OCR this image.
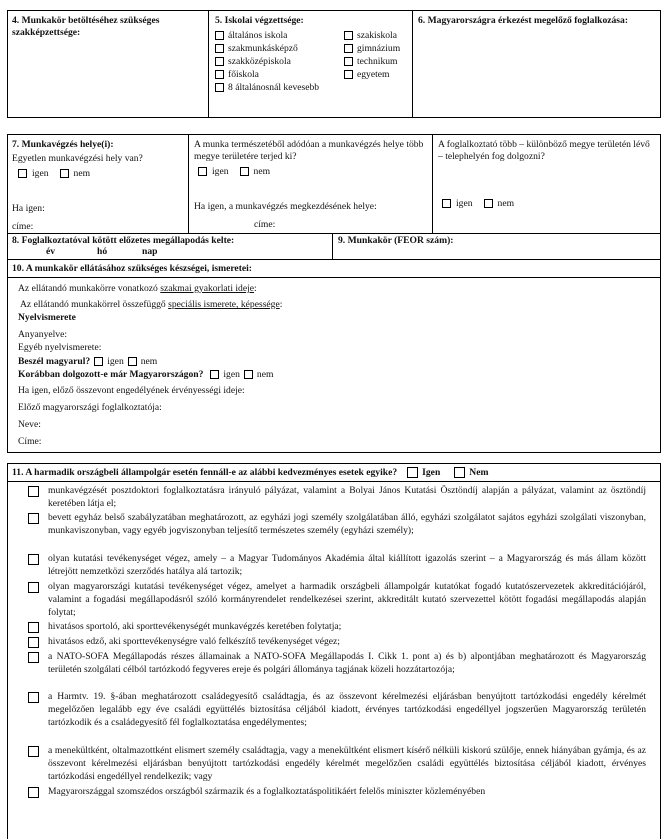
4. Munkakör betöltéséhez szükséges szakképzettsége:
5. Iskolai végzettsége:
általános iskola
szakmunkásképző
szakközépiskola
főiskola
8 általánosnál kevesebb
szakiskola
gimnázium
technikum
egyetem
6. Magyarországra érkezést megelőző foglalkozása:
7. Munkavégzés helye(i):
Egyetlen munkavégzési hely van?
igen	nem
Ha igen:
címe:
A munka természetéből adódóan a munkavégzés helye több megye területére terjed ki?
igen	nem
Ha igen, a munkavégzés megkezdésének helye:
címe:
A foglalkoztató több – különböző megye területén lévő – telephelyén fog dolgozni?
igen	nem
8. Foglalkoztatóval kötött előzetes megállapodás kelte:
év	hó	nap
9. Munkakör (FEOR szám):
10. A munkakör ellátásához szükséges készségei, ismeretei:
Az ellátandó munkakörre vonatkozó szakmai gyakorlati ideje:
Az ellátandó munkakörrel összefüggő speciális ismerete, képessége:
Nyelvismerete
Anyanyelve:
Egyéb nyelvismerete:
Beszél magyarul? igen nem
Korábban dolgozott-e már Magyarországon? igen nem
Ha igen, előző összevont engedélyének érvényességi ideje:
Előző magyarországi foglalkoztatója:
Neve:
Címe:
11. A harmadik országbeli állampolgár esetén fennáll-e az alábbi kedvezményes esetek egyike?	Igen	Nem
munkavégzését posztdoktori foglalkoztatásra irányuló pályázat, valamint a Bolyai János Kutatási Ösztöndíj alapján a pályázat, valamint az ösztöndíj keretében látja el;
bevett egyház belső szabályzatában meghatározott, az egyházi jogi személy szolgálatában álló, egyházi szolgálatot sajátos egyházi szolgálati viszonyban, munkaviszonyban, vagy egyéb jogviszonyban teljesítő természetes személy (egyházi személy);
olyan kutatási tevékenységet végez, amely – a Magyar Tudományos Akadémia által kiállított igazolás szerint – a Magyarország és más állam között létrejött nemzetközi szerződés hatálya alá tartozik;
olyan magyarországi kutatási tevékenységet végez, amelyet a harmadik országbeli állampolgár kutatókat fogadó kutatószervezetek akkreditációjáról, valamint a fogadási megállapodásról szóló kormányrendelet rendelkezései szerint, akkreditált kutató szervezettel kötött fogadási megállapodás alapján folytat;
hivatásos sportoló, aki sporttevékenységét munkavégzés keretében folytatja;
hivatásos edző, aki sporttevékenységre való felkészítő tevékenységet végez;
a NATO-SOFA Megállapodás részes államainak a NATO-SOFA Megállapodás I. Cikk 1. pont a) és b) alpontjában meghatározott és Magyarország területén szolgálati célból tartózkodó fegyveres ereje és polgári állománya tagjának közeli hozzátartozója;
a Harmtv. 19. §-ában meghatározott családegyesítő családtagja, és az összevont kérelmezési eljárásban benyújtott tartózkodási engedély kérelmét megelőzően legalább egy éve családi együttélés biztosítása céljából kiadott, érvényes tartózkodási engedéllyel jogszerűen Magyarország területén tartózkodik és a családegyesítő fél foglalkoztatása engedélymentes;
a menekültként, oltalmazottként elismert személy családtagja, vagy a menekültként elismert kísérő nélküli kiskorú szülője, ennek hiányában gyámja, és az összevont kérelmezési eljárásban benyújtott tartózkodási engedély kérelmét megelőzően családi együttélés biztosítása céljából kiadott, érvényes tartózkodási engedéllyel rendelkezik; vagy
Magyarországgal szomszédos országból származik és a foglalkoztatáspolitikáért felelős miniszter közleményében
